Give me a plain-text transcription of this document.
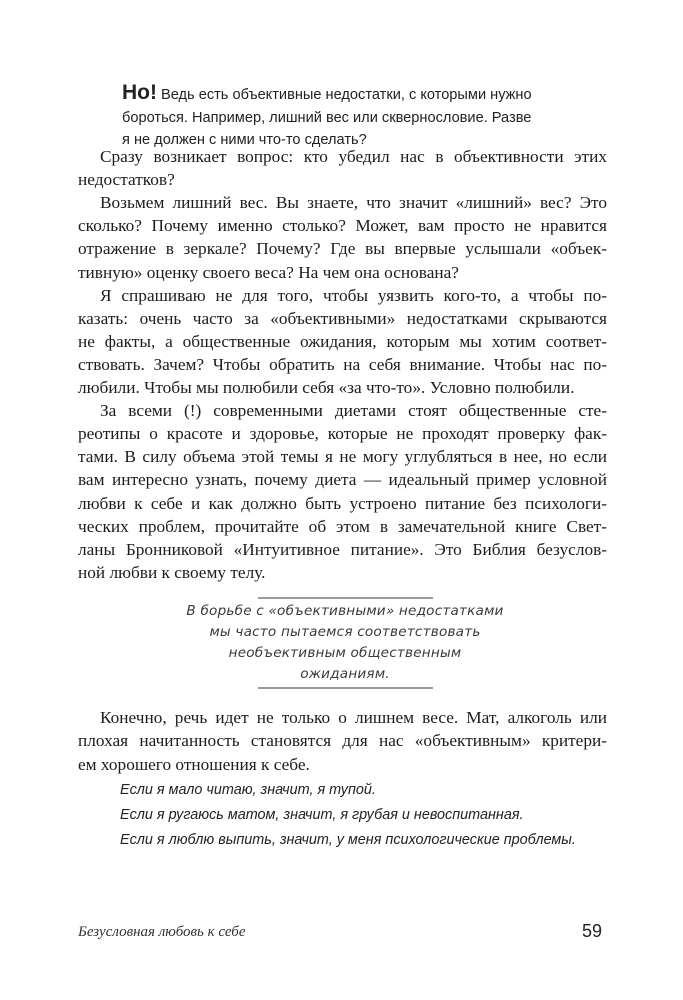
Но! Ведь есть объективные недостатки, с которыми нужно
бороться. Например, лишний вес или сквернословие. Разве
я не должен с ними что-то сделать?
Сразу возникает вопрос: кто убедил нас в объективности этих
недостатков?
Возьмем лишний вес. Вы знаете, что значит «лишний» вес? Это
сколько? Почему именно столько? Может, вам просто не нравится
отражение в зеркале? Почему? Где вы впервые услышали «объек-
тивную» оценку своего веса? На чем она основана?
Я спрашиваю не для того, чтобы уязвить кого-то, а чтобы по-
казать: очень часто за «объективными» недостатками скрываются
не факты, а общественные ожидания, которым мы хотим соответ-
ствовать. Зачем? Чтобы обратить на себя внимание. Чтобы нас по-
любили. Чтобы мы полюбили себя «за что-то». Условно полюбили.
За всеми (!) современными диетами стоят общественные сте-
реотипы о красоте и здоровье, которые не проходят проверку фак-
тами. В силу объема этой темы я не могу углубляться в нее, но если
вам интересно узнать, почему диета — идеальный пример условной
любви к себе и как должно быть устроено питание без психологи-
ческих проблем, прочитайте об этом в замечательной книге Свет-
ланы Бронниковой «Интуитивное питание». Это Библия безуслов-
ной любви к своему телу.
В борьбе с «объективными» недостатками
мы часто пытаемся соответствовать
необъективным общественным
ожиданиям.
Конечно, речь идет не только о лишнем весе. Мат, алкоголь или
плохая начитанность становятся для нас «объективным» критери-
ем хорошего отношения к себе.
Если я мало читаю, значит, я тупой.
Если я ругаюсь матом, значит, я грубая и невоспитанная.
Если я люблю выпить, значит, у меня психологические проблемы.
Безусловная любовь к себе	59
